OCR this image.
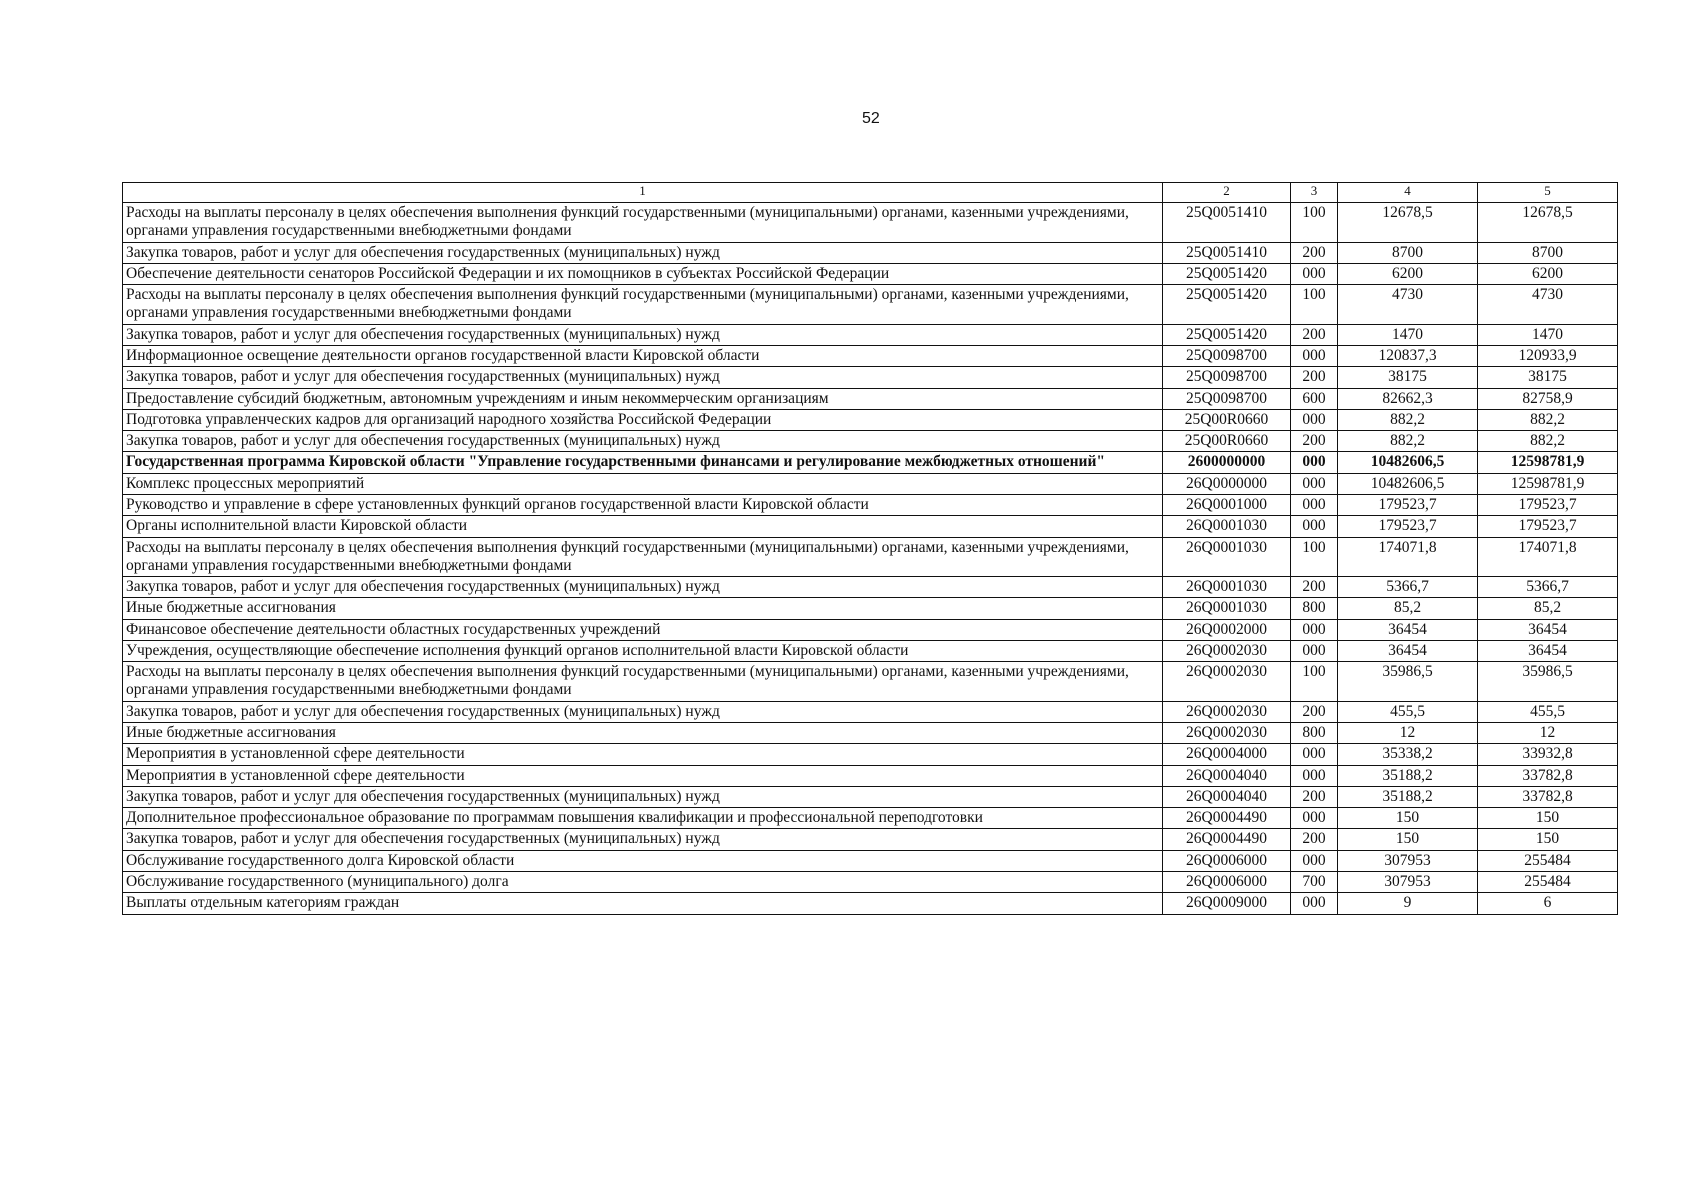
52
1	2	3	4	5
Расходы на выплаты персоналу в целях обеспечения выполнения функций государственными (муниципальными) органами, казенными учреждениями, органами управления государственными внебюджетными фондами	25Q0051410	100	12678,5	12678,5
Закупка товаров, работ и услуг для обеспечения государственных (муниципальных) нужд	25Q0051410	200	8700	8700
Обеспечение деятельности сенаторов Российской Федерации и их помощников в субъектах Российской Федерации	25Q0051420	000	6200	6200
Расходы на выплаты персоналу в целях обеспечения выполнения функций государственными (муниципальными) органами, казенными учреждениями, органами управления государственными внебюджетными фондами	25Q0051420	100	4730	4730
Закупка товаров, работ и услуг для обеспечения государственных (муниципальных) нужд	25Q0051420	200	1470	1470
Информационное освещение деятельности органов государственной власти Кировской области	25Q0098700	000	120837,3	120933,9
Закупка товаров, работ и услуг для обеспечения государственных (муниципальных) нужд	25Q0098700	200	38175	38175
Предоставление субсидий бюджетным, автономным учреждениям и иным некоммерческим организациям	25Q0098700	600	82662,3	82758,9
Подготовка управленческих кадров для организаций народного хозяйства Российской Федерации	25Q00R0660	000	882,2	882,2
Закупка товаров, работ и услуг для обеспечения государственных (муниципальных) нужд	25Q00R0660	200	882,2	882,2
Государственная программа Кировской области "Управление государственными финансами и регулирование межбюджетных отношений"	2600000000	000	10482606,5	12598781,9
Комплекс процессных мероприятий	26Q0000000	000	10482606,5	12598781,9
Руководство и управление в сфере установленных функций органов государственной власти Кировской области	26Q0001000	000	179523,7	179523,7
Органы исполнительной власти Кировской области	26Q0001030	000	179523,7	179523,7
Расходы на выплаты персоналу в целях обеспечения выполнения функций государственными (муниципальными) органами, казенными учреждениями, органами управления государственными внебюджетными фондами	26Q0001030	100	174071,8	174071,8
Закупка товаров, работ и услуг для обеспечения государственных (муниципальных) нужд	26Q0001030	200	5366,7	5366,7
Иные бюджетные ассигнования	26Q0001030	800	85,2	85,2
Финансовое обеспечение деятельности областных государственных учреждений	26Q0002000	000	36454	36454
Учреждения, осуществляющие обеспечение исполнения функций органов исполнительной власти Кировской области	26Q0002030	000	36454	36454
Расходы на выплаты персоналу в целях обеспечения выполнения функций государственными (муниципальными) органами, казенными учреждениями, органами управления государственными внебюджетными фондами	26Q0002030	100	35986,5	35986,5
Закупка товаров, работ и услуг для обеспечения государственных (муниципальных) нужд	26Q0002030	200	455,5	455,5
Иные бюджетные ассигнования	26Q0002030	800	12	12
Мероприятия в установленной сфере деятельности	26Q0004000	000	35338,2	33932,8
Мероприятия в установленной сфере деятельности	26Q0004040	000	35188,2	33782,8
Закупка товаров, работ и услуг для обеспечения государственных (муниципальных) нужд	26Q0004040	200	35188,2	33782,8
Дополнительное профессиональное образование по программам повышения квалификации и профессиональной переподготовки	26Q0004490	000	150	150
Закупка товаров, работ и услуг для обеспечения государственных (муниципальных) нужд	26Q0004490	200	150	150
Обслуживание государственного долга Кировской области	26Q0006000	000	307953	255484
Обслуживание государственного (муниципального) долга	26Q0006000	700	307953	255484
Выплаты отдельным категориям граждан	26Q0009000	000	9	6
